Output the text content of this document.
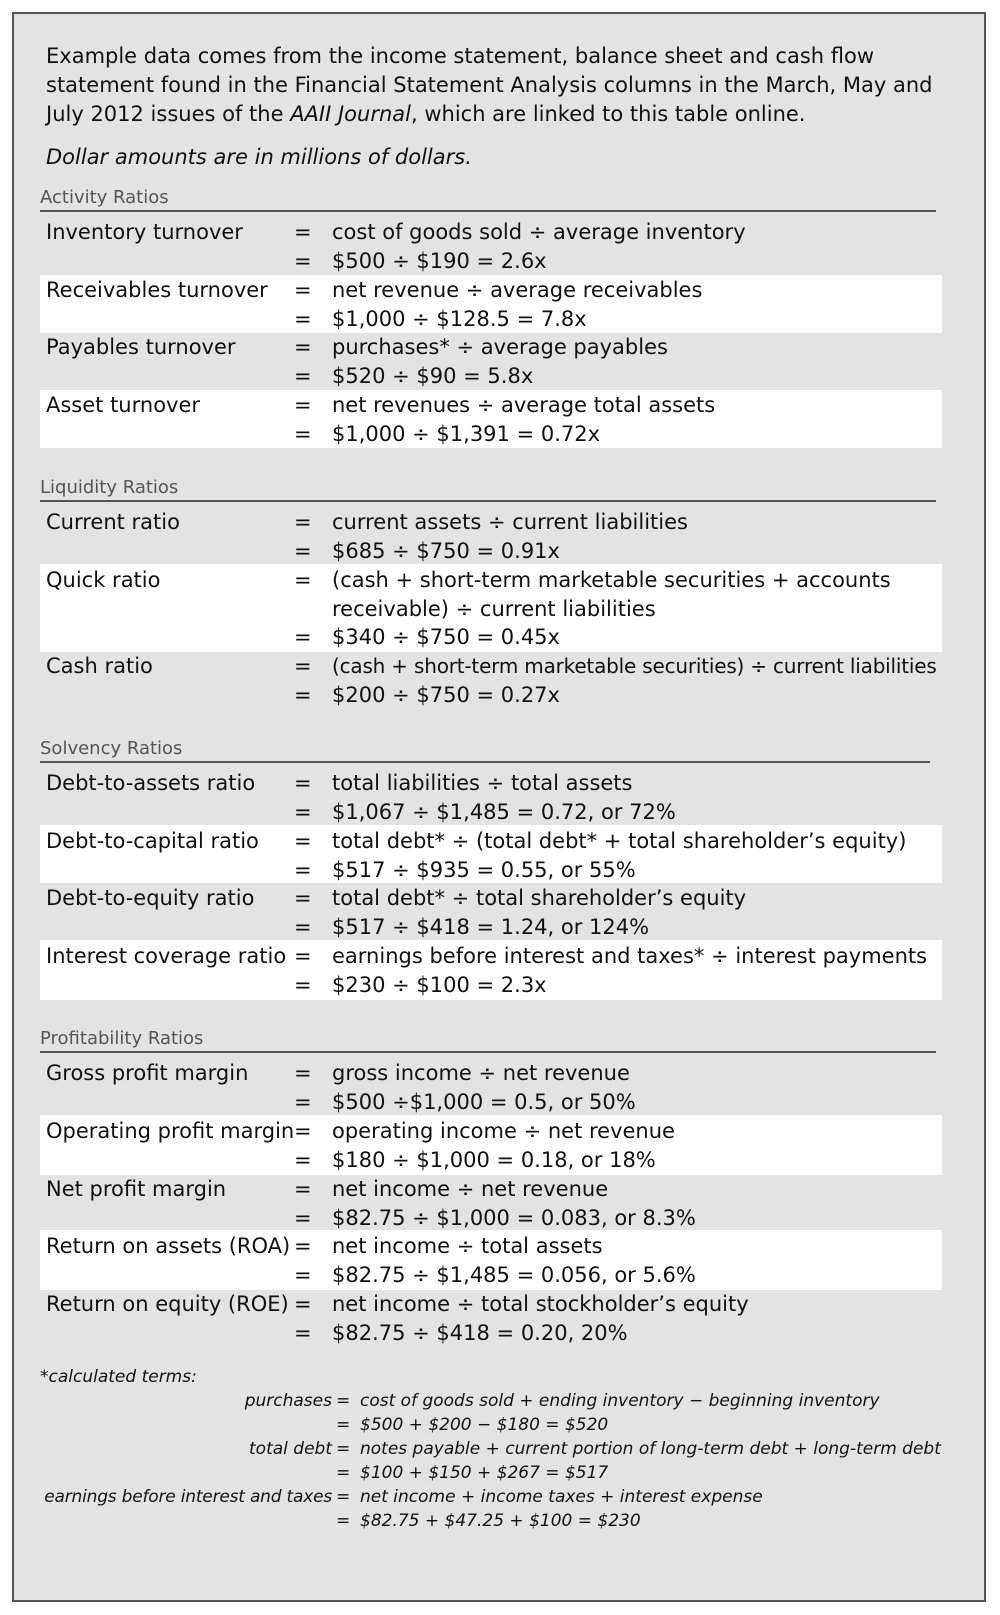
Example data comes from the income statement, balance sheet and cash flow statement found in the Financial Statement Analysis columns in the March, May and July 2012 issues of the AAII Journal, which are linked to this table online.

Dollar amounts are in millions of dollars.
Activity Ratios
Inventory turnover = cost of goods sold ÷ average inventory
= $500 ÷ $190 = 2.6x
Receivables turnover = net revenue ÷ average receivables
= $1,000 ÷ $128.5 = 7.8x
Payables turnover	= purchases* ÷ average payables
= $520 ÷ $90 = 5.8x
Asset turnover	= net revenues ÷ average total assets
= $1,000 ÷ $1,391 = 0.72x
Liquidity Ratios
Current ratio	= current assets ÷ current liabilities
= $685 ÷ $750 = 0.91x
Quick ratio	= (cash + short-term marketable securities + accounts
receivable) ÷ current liabilities
= $340 ÷ $750 = 0.45x
Cash ratio	= (cash + short-term marketable securities) ÷ current liabilities
= $200 ÷ $750 = 0.27x
Solvency Ratios
Debt-to-assets ratio = total liabilities ÷ total assets
= $1,067 ÷ $1,485 = 0.72, or 72%
Debt-to-capital ratio = total debt* ÷ (total debt* + total shareholder’s equity)
= $517 ÷ $935 = 0.55, or 55%
Debt-to-equity ratio = total debt* ÷ total shareholder’s equity
= $517 ÷ $418 = 1.24, or 124%
Interest coverage ratio = earnings before interest and taxes* ÷ interest payments
= $230 ÷ $100 = 2.3x
Profitability Ratios
Gross profit margin = gross income ÷ net revenue
= $500 ÷$1,000 = 0.5, or 50%
Operating profit margin = operating income ÷ net revenue
= $180 ÷ $1,000 = 0.18, or 18%
Net profit margin	= net income ÷ net revenue
= $82.75 ÷ $1,000 = 0.083, or 8.3%
Return on assets (ROA) = net income ÷ total assets
= $82.75 ÷ $1,485 = 0.056, or 5.6%
Return on equity (ROE) = net income ÷ total stockholder’s equity
= $82.75 ÷ $418 = 0.20, 20%
*calculated terms:
purchases = cost of goods sold + ending inventory − beginning inventory
= $500 + $200 − $180 = $520
total debt = notes payable + current portion of long-term debt + long-term debt
= $100 + $150 + $267 = $517
earnings before interest and taxes = net income + income taxes + interest expense
= $82.75 + $47.25 + $100 = $230
